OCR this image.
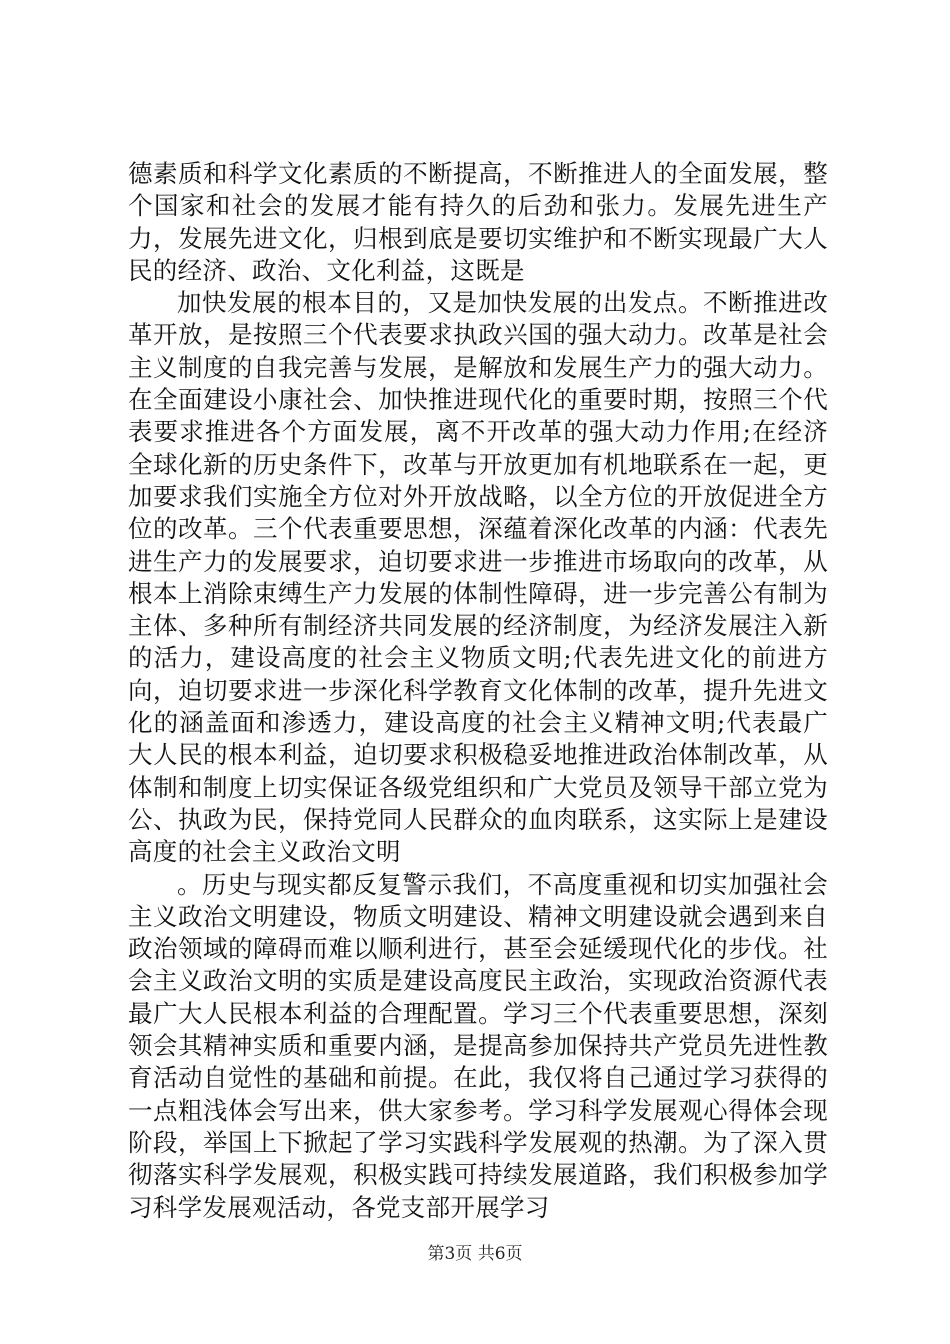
德素质和科学文化素质的不断提高，不断推进人的全面发展，整个国家和社会的发展才能有持久的后劲和张力。发展先进生产力，发展先进文化，归根到底是要切实维护和不断实现最广大人民的经济、政治、文化利益，这既是

加快发展的根本目的，又是加快发展的出发点。不断推进改革开放，是按照三个代表要求执政兴国的强大动力。改革是社会主义制度的自我完善与发展，是解放和发展生产力的强大动力。在全面建设小康社会、加快推进现代化的重要时期，按照三个代表要求推进各个方面发展，离不开改革的强大动力作用;在经济全球化新的历史条件下，改革与开放更加有机地联系在一起，更加要求我们实施全方位对外开放战略，以全方位的开放促进全方位的改革。三个代表重要思想，深蕴着深化改革的内涵：代表先进生产力的发展要求，迫切要求进一步推进市场取向的改革，从根本上消除束缚生产力发展的体制性障碍，进一步完善公有制为主体、多种所有制经济共同发展的经济制度，为经济发展注入新的活力，建设高度的社会主义物质文明;代表先进文化的前进方向，迫切要求进一步深化科学教育文化体制的改革，提升先进文化的涵盖面和渗透力，建设高度的社会主义精神文明;代表最广大人民的根本利益，迫切要求积极稳妥地推进政治体制改革，从体制和制度上切实保证各级党组织和广大党员及领导干部立党为公、执政为民，保持党同人民群众的血肉联系，这实际上是建设高度的社会主义政治文明

。历史与现实都反复警示我们，不高度重视和切实加强社会主义政治文明建设，物质文明建设、精神文明建设就会遇到来自政治领域的障碍而难以顺利进行，甚至会延缓现代化的步伐。社会主义政治文明的实质是建设高度民主政治，实现政治资源代表最广大人民根本利益的合理配置。学习三个代表重要思想，深刻领会其精神实质和重要内涵，是提高参加保持共产党员先进性教育活动自觉性的基础和前提。在此，我仅将自己通过学习获得的一点粗浅体会写出来，供大家参考。学习科学发展观心得体会现阶段，举国上下掀起了学习实践科学发展观的热潮。为了深入贯彻落实科学发展观，积极实践可持续发展道路，我们积极参加学习科学发展观活动，各党支部开展学习

第3页 共6页
